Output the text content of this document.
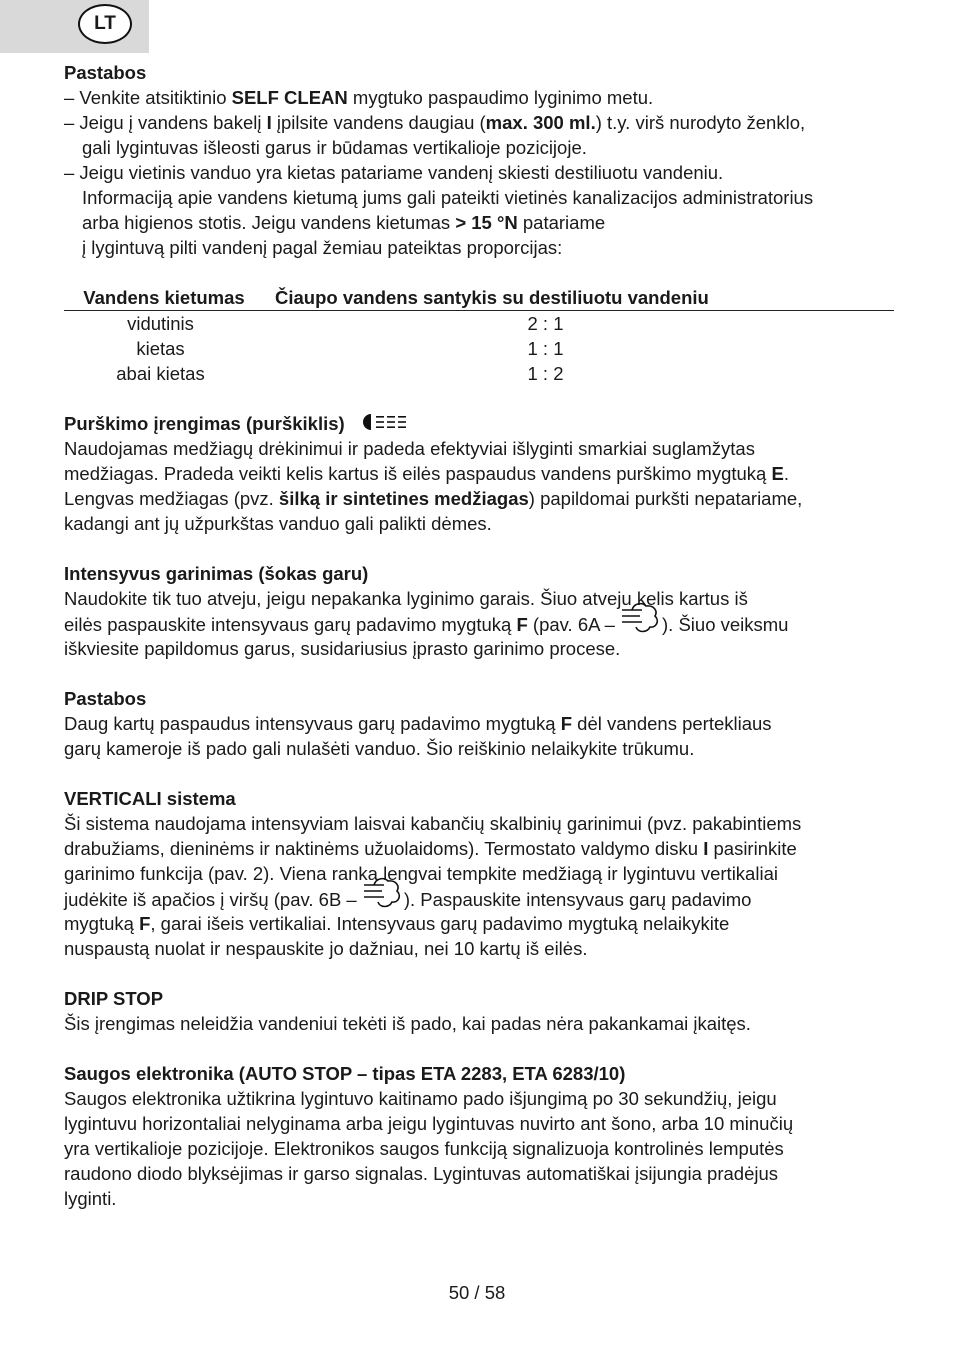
LT
Pastabos
– Venkite atsitiktinio SELF CLEAN mygtuko paspaudimo lyginimo metu.
– Jeigu į vandens bakelį I įpilsite vandens daugiau (max. 300 ml.) t.y. virš nurodyto ženklo,
gali lygintuvas išleosti garus ir būdamas vertikalioje pozicijoje.
– Jeigu vietinis vanduo yra kietas patariame vandenį skiesti destiliuotu vandeniu.
Informaciją apie vandens kietumą jums gali pateikti vietinės kanalizacijos administratorius
arba higienos stotis. Jeigu vandens kietumas > 15 °N patariame
į lygintuvą pilti vandenį pagal žemiau pateiktas proporcijas:
Vandens kietumas	Čiaupo vandens santykis su destiliuotu vandeniu
vidutinis	2 : 1
kietas	1 : 1
abai kietas	1 : 2
Purškimo įrengimas (purškiklis)
Naudojamas medžiagų drėkinimui ir padeda efektyviai išlyginti smarkiai suglamžytas
medžiagas. Pradeda veikti kelis kartus iš eilės paspaudus vandens purškimo mygtuką E.
Lengvas medžiagas (pvz. šilką ir sintetines medžiagas) papildomai purkšti nepatariame,
kadangi ant jų užpurkštas vanduo gali palikti dėmes.
Intensyvus garinimas (šokas garu)
Naudokite tik tuo atveju, jeigu nepakanka lyginimo garais. Šiuo atveju kelis kartus iš
eilės paspauskite intensyvaus garų padavimo mygtuką F (pav. 6A – ). Šiuo veiksmu
iškviesite papildomus garus, susidariusius įprasto garinimo procese.
Pastabos
Daug kartų paspaudus intensyvaus garų padavimo mygtuką F dėl vandens pertekliaus
garų kameroje iš pado gali nulašėti vanduo. Šio reiškinio nelaikykite trūkumu.
VERTICALI sistema
Ši sistema naudojama intensyviam laisvai kabančių skalbinių garinimui (pvz. pakabintiems
drabužiams, dieninėms ir naktinėms užuolaidoms). Termostato valdymo disku I pasirinkite
garinimo funkcija (pav. 2). Viena ranka lengvai tempkite medžiagą ir lygintuvu vertikaliai
judėkite iš apačios į viršų (pav. 6B – ). Paspauskite intensyvaus garų padavimo
mygtuką F, garai išeis vertikaliai. Intensyvaus garų padavimo mygtuką nelaikykite
nuspaustą nuolat ir nespauskite jo dažniau, nei 10 kartų iš eilės.
DRIP STOP
Šis įrengimas neleidžia vandeniui tekėti iš pado, kai padas nėra pakankamai įkaitęs.
Saugos elektronika (AUTO STOP – tipas ETA 2283, ETA 6283/10)
Saugos elektronika užtikrina lygintuvo kaitinamo pado išjungimą po 30 sekundžių, jeigu
lygintuvu horizontaliai nelyginama arba jeigu lygintuvas nuvirto ant šono, arba 10 minučių
yra vertikalioje pozicijoje. Elektronikos saugos funkciją signalizuoja kontrolinės lemputės
raudono diodo blyksėjimas ir garso signalas. Lygintuvas automatiškai įsijungia pradėjus
lyginti.
50 / 58
